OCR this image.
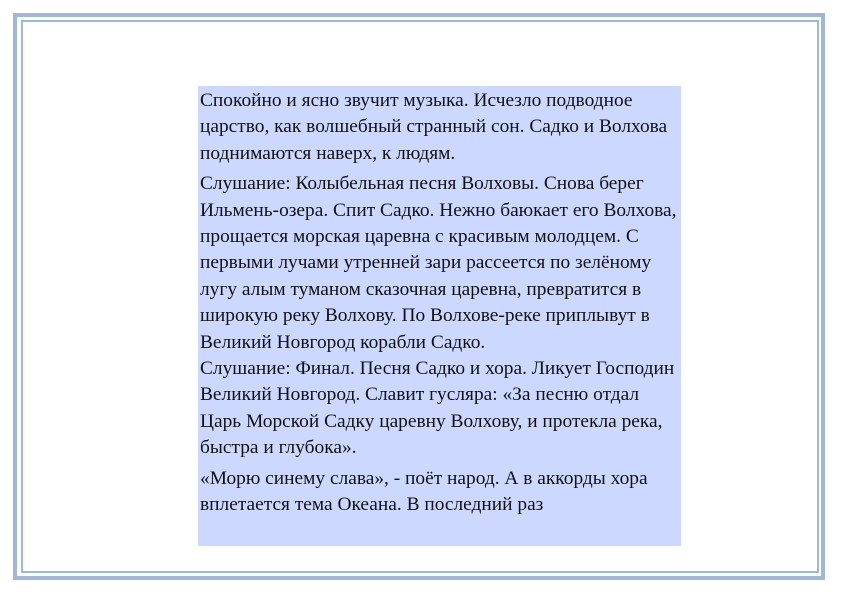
Спокойно и ясно звучит музыка. Исчезло подводное царство, как волшебный странный сон. Садко и Волхова поднимаются наверх, к людям.

Слушание: Колыбельная песня Волховы. Снова берег Ильмень-озера. Спит Садко. Нежно баюкает его Волхова, прощается морская царевна с красивым молодцем. С первыми лучами утренней зари рассеется по зелёному лугу алым туманом сказочная царевна, превратится в широкую реку Волхову. По Волхове-реке приплывут в Великий Новгород корабли Садко.

Слушание: Финал. Песня Садко и хора. Ликует Господин Великий Новгород. Славит гусляра: «За песню отдал Царь Морской Садку царевну Волхову, и протекла река, быстра и глубока».

«Морю синему слава», - поёт народ. А в аккорды хора вплетается тема Океана. В последний раз
